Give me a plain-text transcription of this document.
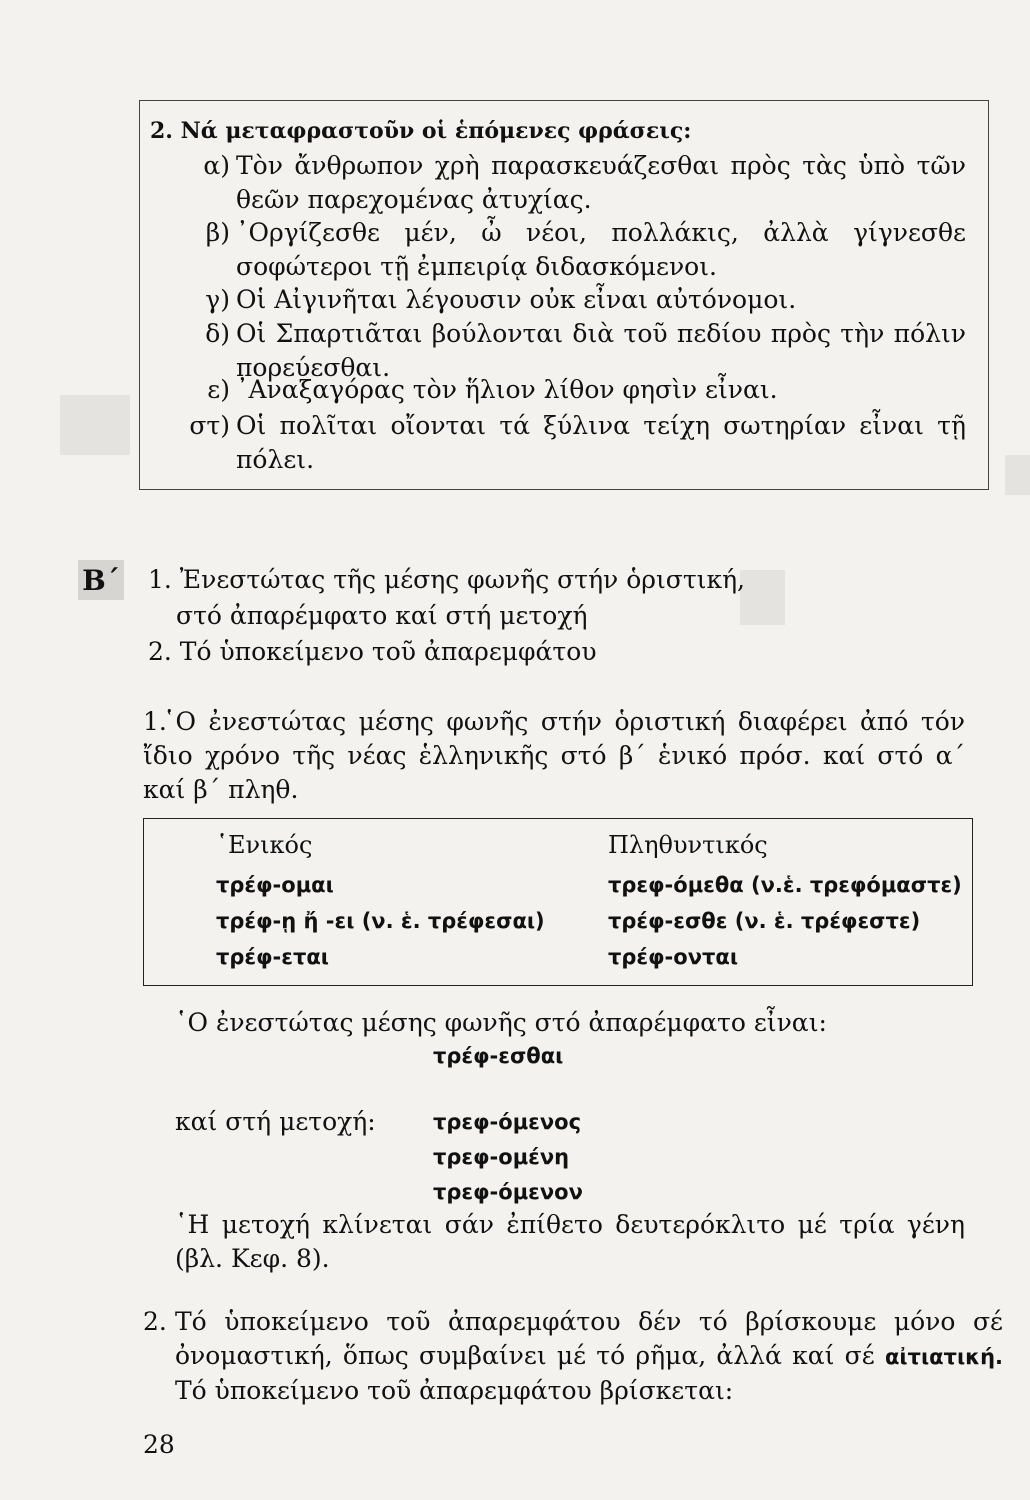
2. Νά μεταφραστοῦν οἱ ἑπόμενες φράσεις:
α) Τὸν ἄνθρωπον χρὴ παρασκευάζεσθαι πρὸς τὰς ὑπὸ τῶν θεῶν παρεχομένας ἀτυχίας.
β) ᾿Οργίζεσθε μέν, ὦ νέοι, πολλάκις, ἀλλὰ γίγνεσθε σοφώτεροι τῇ ἐμπειρίᾳ διδασκόμενοι.
γ) Οἱ Αἰγινῆται λέγουσιν οὐκ εἶναι αὐτόνομοι.
δ) Οἱ Σπαρτιᾶται βούλονται διὰ τοῦ πεδίου πρὸς τὴν πόλιν πορεύεσθαι.
ε) ᾿Αναξαγόρας τὸν ἥλιον λίθον φησὶν εἶναι.
στ) Οἱ πολῖται οἴονται τά ξύλινα τείχη σωτηρίαν εἶναι τῇ πόλει.
Β΄ 1. Ἐνεστώτας τῆς μέσης φωνῆς στήν ὁριστική,
στό ἀπαρέμφατο καί στή μετοχή
2. Τό ὑποκείμενο τοῦ ἀπαρεμφάτου
1.
῾Ο ἐνεστώτας μέσης φωνῆς στήν ὁριστική διαφέρει ἀπό τόν ἴδιο χρόνο τῆς νέας ἑλληνικῆς στό β΄ ἑνικό πρόσ. καί στό α΄ καί β΄ πληθ.
῾Ενικός
τρέφ-ομαι
τρέφ-ῃ ἤ -ει (ν. ἑ. τρέφεσαι)
τρέφ-εται
Πληθυντικός
τρεφ-όμεθα (ν.ἑ. τρεφόμαστε)
τρέφ-εσθε (ν. ἑ. τρέφεστε)
τρέφ-ονται
῾Ο ἐνεστώτας μέσης φωνῆς στό ἀπαρέμφατο εἶναι:
τρέφ-εσθαι
καί στή μετοχή:	τρεφ-όμενος
τρεφ-ομένη
τρεφ-όμενον
῾Η μετοχή κλίνεται σάν ἐπίθετο δευτερόκλιτο μέ τρία γένη (βλ. Κεφ. 8).
2. Τό ὑποκείμενο τοῦ ἀπαρεμφάτου δέν τό βρίσκουμε μόνο σέ ὀνομαστική, ὅπως συμβαίνει μέ τό ρῆμα, ἀλλά καί σέ αἰτιατική. Τό ὑποκείμενο τοῦ ἀπαρεμφάτου βρίσκεται:
28
